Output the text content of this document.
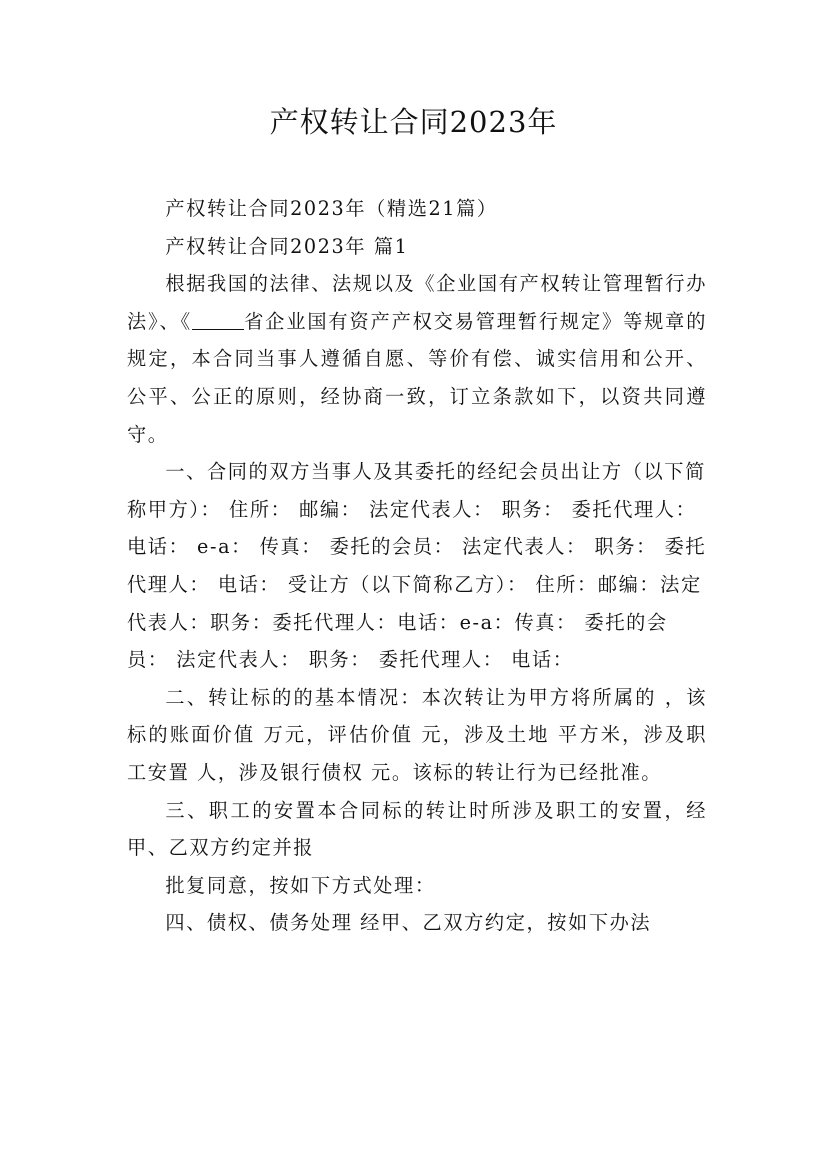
产权转让合同2023年

产权转让合同2023年（精选21篇）

产权转让合同2023年 篇1

根据我国的法律、法规以及《企业国有产权转让管理暂行办法》、《	省企业国有资产产权交易管理暂行规定》等规章的规定，本合同当事人遵循自愿、等价有偿、诚实信用和公开、公平、公正的原则，经协商一致，订立条款如下，以资共同遵守。

一、合同的双方当事人及其委托的经纪会员出让方（以下简称甲方）： 住所： 邮编： 法定代表人： 职务： 委托代理人： 电话： e-a： 传真： 委托的会员： 法定代表人： 职务： 委托代理人： 电话： 受让方（以下简称乙方）： 住所：邮编：法定代表人：职务：委托代理人：电话：e-a：传真： 委托的会员： 法定代表人： 职务： 委托代理人： 电话：

二、转让标的的基本情况：本次转让为甲方将所属的 ，该标的账面价值 万元，评估价值 元，涉及土地 平方米，涉及职工安置 人，涉及银行债权 元。该标的转让行为已经批准。

三、职工的安置本合同标的转让时所涉及职工的安置，经甲、乙双方约定并报

批复同意，按如下方式处理：

四、债权、债务处理 经甲、乙双方约定，按如下办法
